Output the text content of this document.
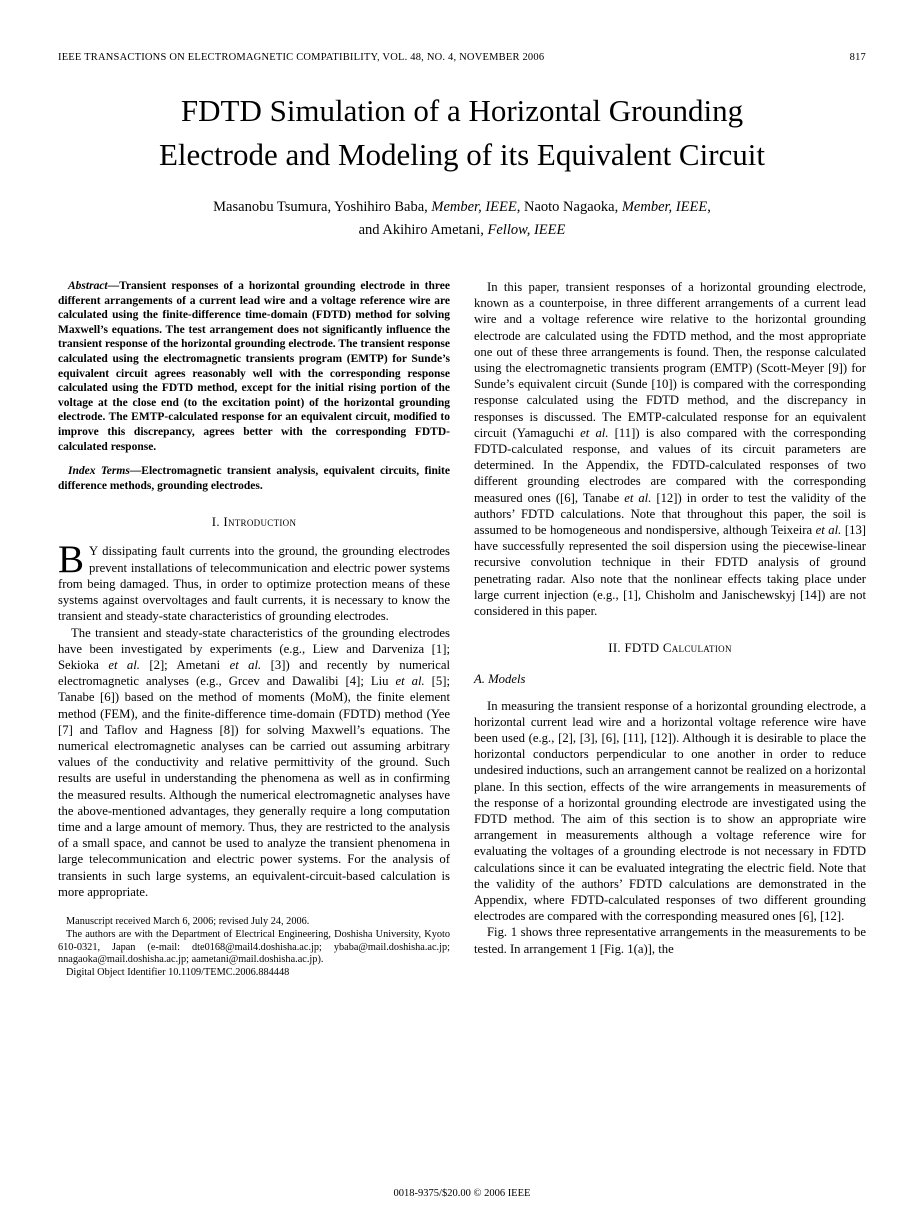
IEEE TRANSACTIONS ON ELECTROMAGNETIC COMPATIBILITY, VOL. 48, NO. 4, NOVEMBER 2006	817
FDTD Simulation of a Horizontal Grounding
Electrode and Modeling of its Equivalent Circuit
Masanobu Tsumura, Yoshihiro Baba, Member, IEEE, Naoto Nagaoka, Member, IEEE,
and Akihiro Ametani, Fellow, IEEE

Abstract—Transient responses of a horizontal grounding electrode in three different arrangements of a current lead wire and a voltage reference wire are calculated using the finite-difference time-domain (FDTD) method for solving Maxwell’s equations. The test arrangement does not significantly influence the transient response of the horizontal grounding electrode. The transient response calculated using the electromagnetic transients program (EMTP) for Sunde’s equivalent circuit agrees reasonably well with the corresponding response calculated using the FDTD method, except for the initial rising portion of the voltage at the close end (to the excitation point) of the horizontal grounding electrode. The EMTP-calculated response for an equivalent circuit, modified to improve this discrepancy, agrees better with the corresponding FDTD-calculated response.

Index Terms—Electromagnetic transient analysis, equivalent circuits, finite difference methods, grounding electrodes.

I. Introduction

B Y dissipating fault currents into the ground, the grounding electrodes prevent installations of telecommunication and electric power systems from being damaged. Thus, in order to optimize protection means of these systems against overvoltages and fault currents, it is necessary to know the transient and steady-state characteristics of grounding electrodes.

The transient and steady-state characteristics of the grounding electrodes have been investigated by experiments (e.g., Liew and Darveniza [1]; Sekioka et al. [2]; Ametani et al. [3]) and recently by numerical electromagnetic analyses (e.g., Grcev and Dawalibi [4]; Liu et al. [5]; Tanabe [6]) based on the method of moments (MoM), the finite element method (FEM), and the finite-difference time-domain (FDTD) method (Yee [7] and Taflov and Hagness [8]) for solving Maxwell’s equations. The numerical electromagnetic analyses can be carried out assuming arbitrary values of the conductivity and relative permittivity of the ground. Such results are useful in understanding the phenomena as well as in confirming the measured results. Although the numerical electromagnetic analyses have the above-mentioned advantages, they generally require a long computation time and a large amount of memory. Thus, they are restricted to the analysis of a small space, and cannot be used to analyze the transient phenomena in large telecommunication and electric power systems. For the analysis of transients in such large systems, an equivalent-circuit-based calculation is more appropriate.

Manuscript received March 6, 2006; revised July 24, 2006.

The authors are with the Department of Electrical Engineering, Doshisha University, Kyoto 610-0321, Japan (e-mail: dte0168@mail4.doshisha.ac.jp; ybaba@mail.doshisha.ac.jp; nnagaoka@mail.doshisha.ac.jp; aametani@mail.doshisha.ac.jp).

Digital Object Identifier 10.1109/TEMC.2006.884448

In this paper, transient responses of a horizontal grounding electrode, known as a counterpoise, in three different arrangements of a current lead wire and a voltage reference wire relative to the horizontal grounding electrode are calculated using the FDTD method, and the most appropriate one out of these three arrangements is found. Then, the response calculated using the electromagnetic transients program (EMTP) (Scott-Meyer [9]) for Sunde’s equivalent circuit (Sunde [10]) is compared with the corresponding response calculated using the FDTD method, and the discrepancy in responses is discussed. The EMTP-calculated response for an equivalent circuit (Yamaguchi et al. [11]) is also compared with the corresponding FDTD-calculated response, and values of its circuit parameters are determined. In the Appendix, the FDTD-calculated responses of two different grounding electrodes are compared with the corresponding measured ones ([6], Tanabe et al. [12]) in order to test the validity of the authors’ FDTD calculations. Note that throughout this paper, the soil is assumed to be homogeneous and nondispersive, although Teixeira et al. [13] have successfully represented the soil dispersion using the piecewise-linear recursive convolution technique in their FDTD analysis of ground penetrating radar. Also note that the nonlinear effects taking place under large current injection (e.g., [1], Chisholm and Janischewskyj [14]) are not considered in this paper.

II. FDTD Calculation
A. Models

In measuring the transient response of a horizontal grounding electrode, a horizontal current lead wire and a horizontal voltage reference wire have been used (e.g., [2], [3], [6], [11], [12]). Although it is desirable to place the horizontal conductors perpendicular to one another in order to reduce undesired inductions, such an arrangement cannot be realized on a horizontal plane. In this section, effects of the wire arrangements in measurements of the response of a horizontal grounding electrode are investigated using the FDTD method. The aim of this section is to show an appropriate wire arrangement in measurements although a voltage reference wire for evaluating the voltages of a grounding electrode is not necessary in FDTD calculations since it can be evaluated integrating the electric field. Note that the validity of the authors’ FDTD calculations are demonstrated in the Appendix, where FDTD-calculated responses of two different grounding electrodes are compared with the corresponding measured ones [6], [12].

Fig. 1 shows three representative arrangements in the measurements to be tested. In arrangement 1 [Fig. 1(a)], the

0018-9375/$20.00 © 2006 IEEE
